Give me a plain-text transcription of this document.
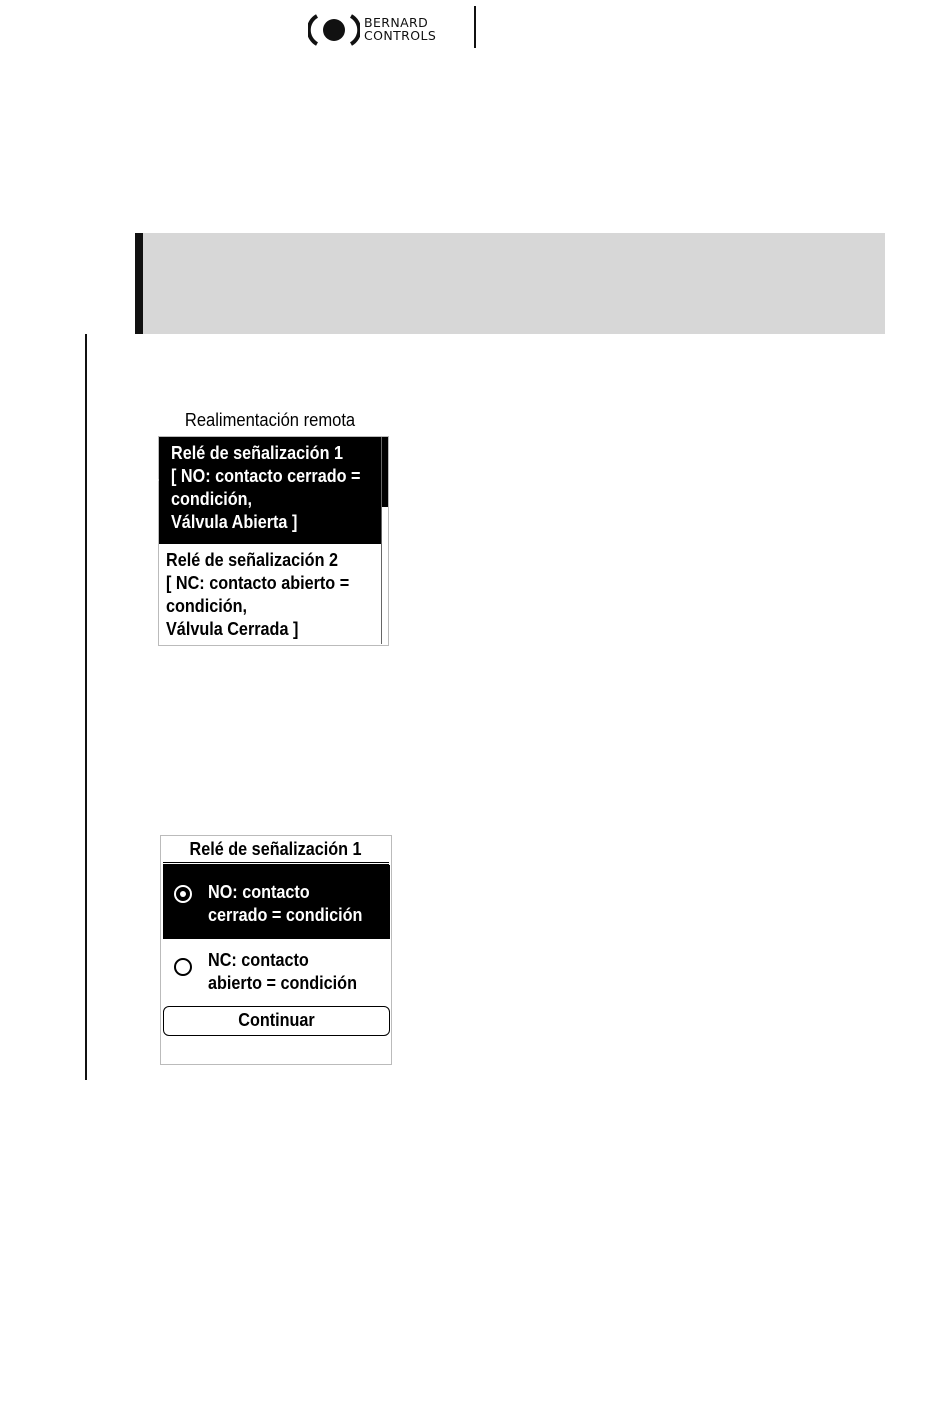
BERNARD
CONTROLS
Realimentación remota
Relé de señalización 1
[ NO: contacto cerrado =
condición,
Válvula Abierta ]
Relé de señalización 2
[ NC: contacto abierto =
condición,
Válvula Cerrada ]
Relé de señalización 1
NO: contacto
cerrado = condición
NC: contacto
abierto = condición
Continuar
